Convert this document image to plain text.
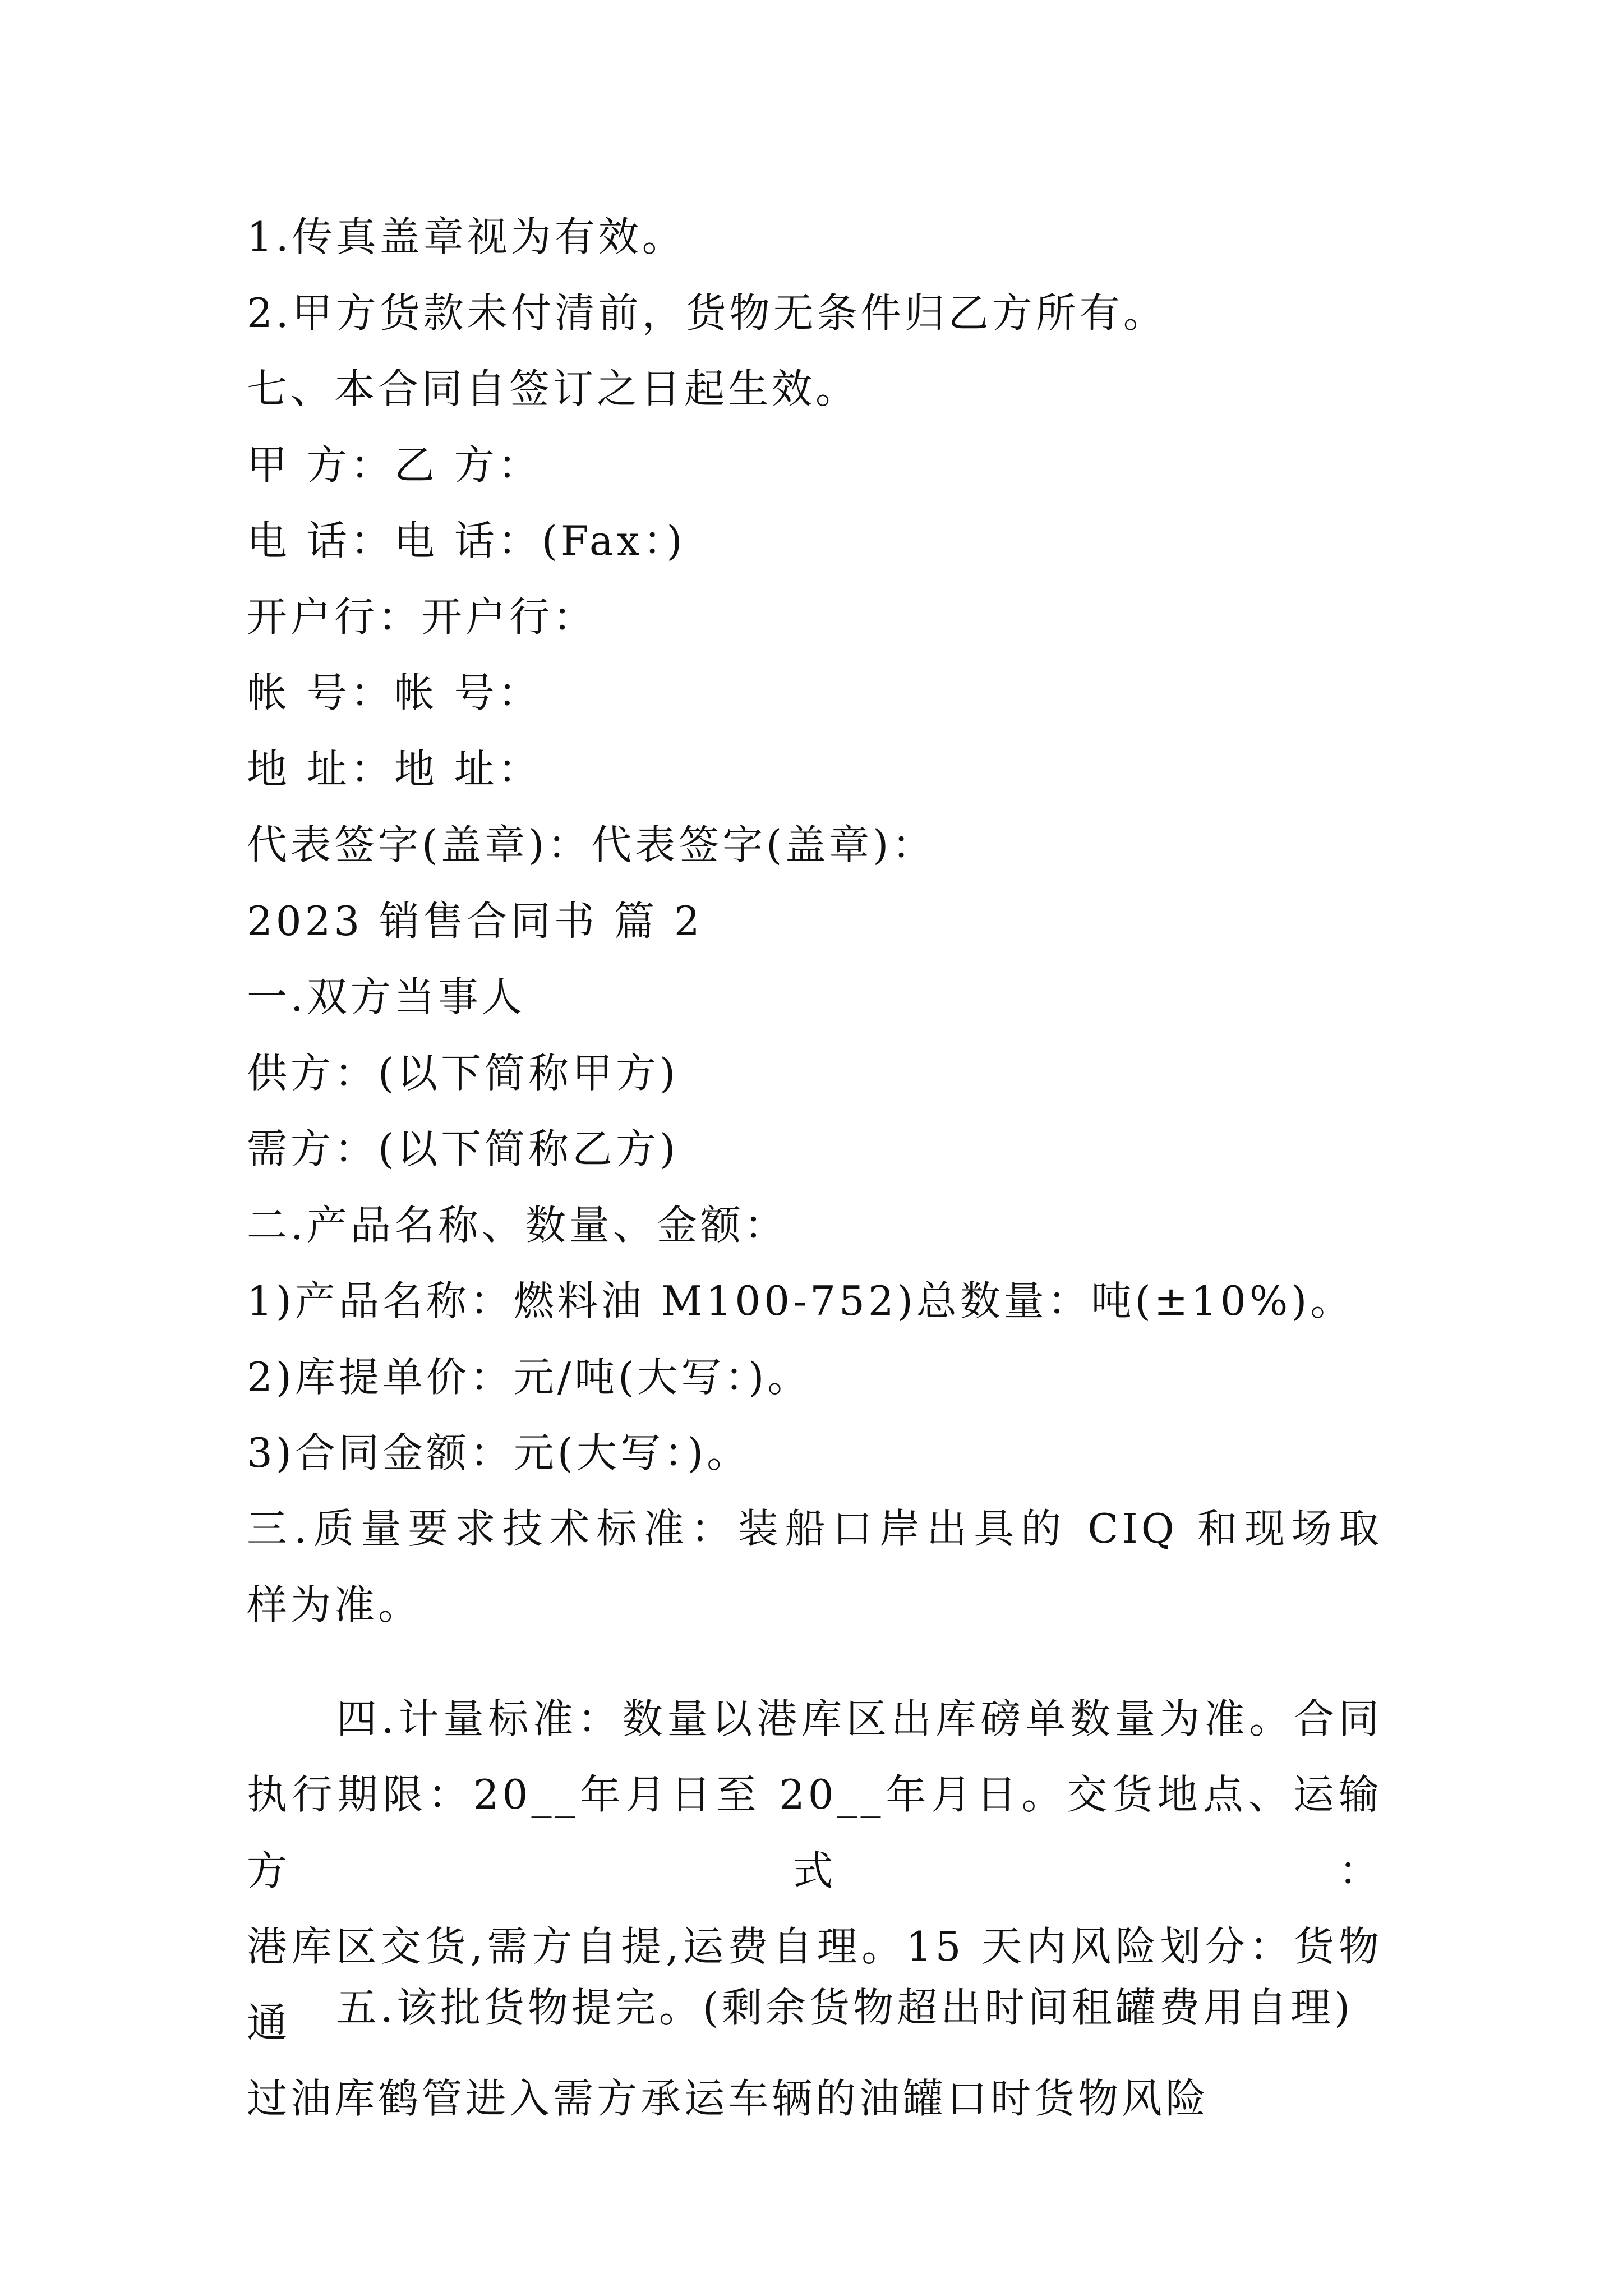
1.传真盖章视为有效。
2.甲方货款未付清前，货物无条件归乙方所有。
七、本合同自签订之日起生效。
甲 方：乙 方：
电 话：电 话：(Fax：)
开户行：开户行：
帐 号：帐 号：
地 址：地 址：
代表签字(盖章)：代表签字(盖章)：
2023 销售合同书 篇 2
一.双方当事人
供方：(以下简称甲方)
需方：(以下简称乙方)
二.产品名称、数量、金额：
1)产品名称：燃料油 M100-752)总数量：吨(±10%)。
2)库提单价：元/吨(大写：)。
3)合同金额：元(大写：)。
三.质量要求技术标准：装船口岸出具的 CIQ 和现场取
样为准。
四.计量标准：数量以港库区出库磅单数量为准。合同
执行期限：20__年月日至 20__年月日。交货地点、运输方式：
港库区交货,需方自提,运费自理。15 天内风险划分：货物通
过油库鹤管进入需方承运车辆的油罐口时货物风险
五.该批货物提完。(剩余货物超出时间租罐费用自理)
